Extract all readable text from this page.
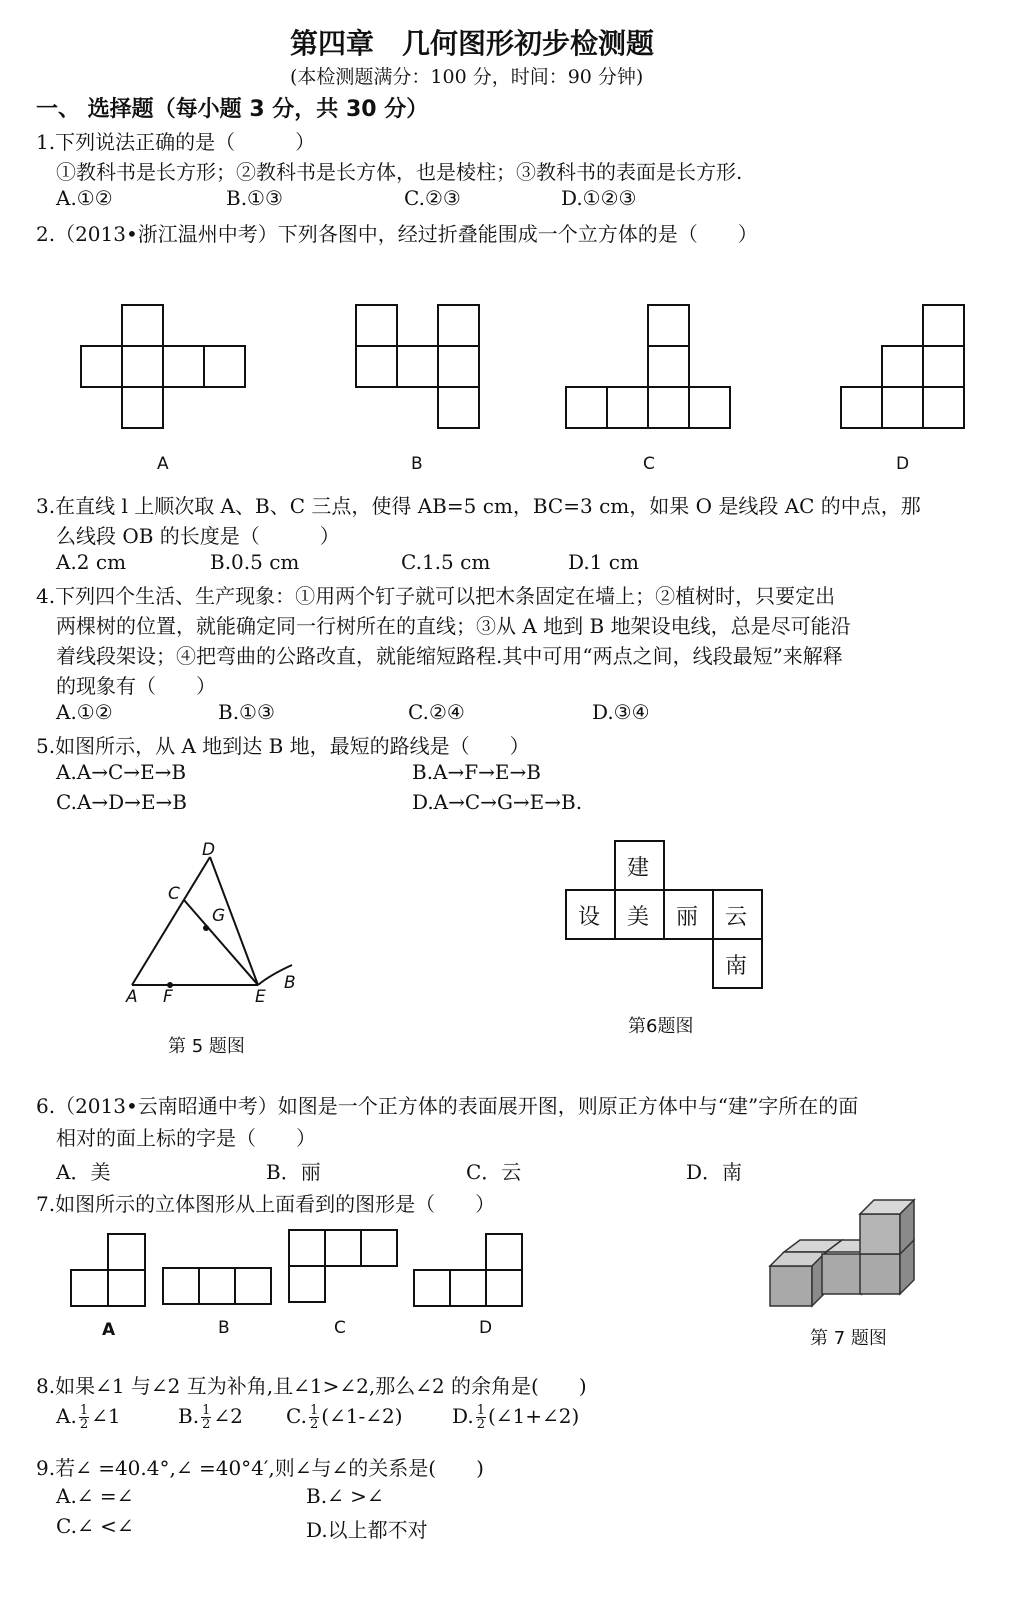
第四章　几何图形初步检测题
(本检测题满分：100 分，时间：90 分钟)
一、 选择题（每小题 3 分，共 30 分）
1.下列说法正确的是（　　　）
①教科书是长方形；②教科书是长方体，也是棱柱；③教科书的表面是长方形.
A.①②	B.①③	C.②③	D.①②③
2.（2013•浙江温州中考）下列各图中，经过折叠能围成一个立方体的是（　　）
A	B	C	D
3.在直线 l 上顺次取 A、B、C 三点，使得 AB=5 cm，BC=3 cm，如果 O 是线段 AC 的中点，那
么线段 OB 的长度是（　　　）
A.2 cm	B.0.5 cm	C.1.5 cm	D.1 cm
4.下列四个生活、生产现象：①用两个钉子就可以把木条固定在墙上；②植树时，只要定出
两棵树的位置，就能确定同一行树所在的直线；③从 A 地到 B 地架设电线，总是尽可能沿
着线段架设；④把弯曲的公路改直，就能缩短路程.其中可用“两点之间，线段最短”来解释
的现象有（　　）
A.①②	B.①③	C.②④	D.③④
5.如图所示，从 A 地到达 B 地，最短的路线是（　　）
A.A→C→E→B	B.A→F→E→B
C.A→D→E→B	D.A→C→G→E→B.
D
C
G
A F	E
B
第 5 题图
建
设 美 丽 云
南
第6题图
6.（2013•云南昭通中考）如图是一个正方体的表面展开图，则原正方体中与“建”字所在的面
相对的面上标的字是（　　）
A．美	B．丽	C．云	D．南
7.如图所示的立体图形从上面看到的图形是（　　）
A	B	C	D	第 7 题图
8.如果∠1 与∠2 互为补角,且∠1>∠2,那么∠2 的余角是(　　)
A. $\frac{1}{2}$ ∠1	B. $\frac{1}{2}$ ∠2 C. $\frac{1}{2}$ (∠1-∠2) D. $\frac{1}{2}$ (∠1+∠2)
9.若∠ =40.4°,∠ =40°4′,则∠与∠的关系是(　　)
A.∠ =∠	B.∠ >∠
C.∠ <∠	D.以上都不对
